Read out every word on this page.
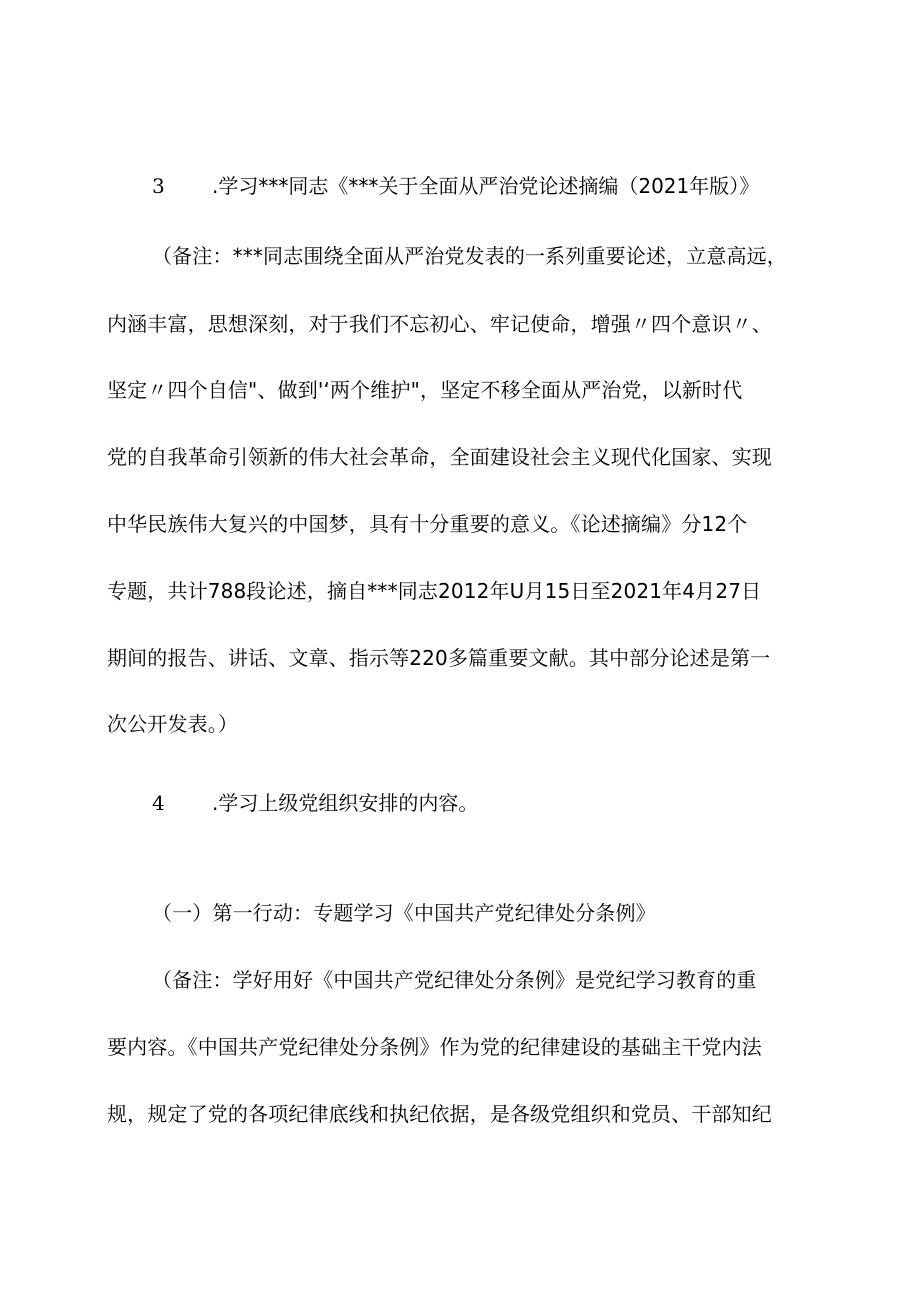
3 .学习***同志《***关于全面从严治党论述摘编（2021年版）》
（备注：***同志围绕全面从严治党发表的一系列重要论述，立意高远，
内涵丰富，思想深刻，对于我们不忘初心、牢记使命，增强〃四个意识〃、
坚定〃四个自信"、做到'‘两个维护"，坚定不移全面从严治党，以新时代
党的自我革命引领新的伟大社会革命，全面建设社会主义现代化国家、实现
中华民族伟大复兴的中国梦，具有十分重要的意义。《论述摘编》分12个
专题，共计788段论述，摘自***同志2012年U月15日至2021年4月27日
期间的报告、讲话、文章、指示等220多篇重要文献。其中部分论述是第一
次公开发表。）
4 .学习上级党组织安排的内容。
（一）第一行动：专题学习《中国共产党纪律处分条例》
（备注：学好用好《中国共产党纪律处分条例》是党纪学习教育的重
要内容。《中国共产党纪律处分条例》作为党的纪律建设的基础主干党内法
规，规定了党的各项纪律底线和执纪依据，是各级党组织和党员、干部知纪
